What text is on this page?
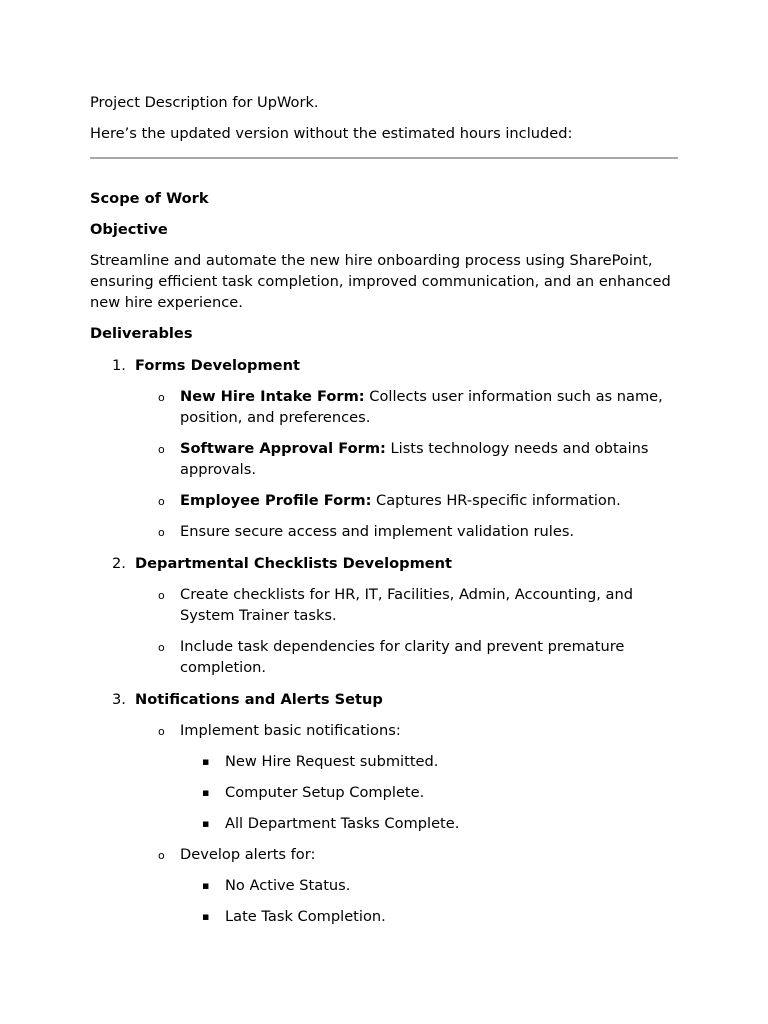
Project Description for UpWork.

Here’s the updated version without the estimated hours included:

Scope of Work

Objective

Streamline and automate the new hire onboarding process using SharePoint, ensuring efficient task completion, improved communication, and an enhanced new hire experience.

Deliverables

1. Forms Development
o New Hire Intake Form: Collects user information such as name, position, and preferences.
o Software Approval Form: Lists technology needs and obtains approvals.
o Employee Profile Form: Captures HR-specific information.
o Ensure secure access and implement validation rules.
2. Departmental Checklists Development
o Create checklists for HR, IT, Facilities, Admin, Accounting, and System Trainer tasks.
o Include task dependencies for clarity and prevent premature completion.
3. Notifications and Alerts Setup
o Implement basic notifications:
▪ New Hire Request submitted.
▪ Computer Setup Complete.
▪ All Department Tasks Complete.
o Develop alerts for:
▪ No Active Status.
▪ Late Task Completion.
